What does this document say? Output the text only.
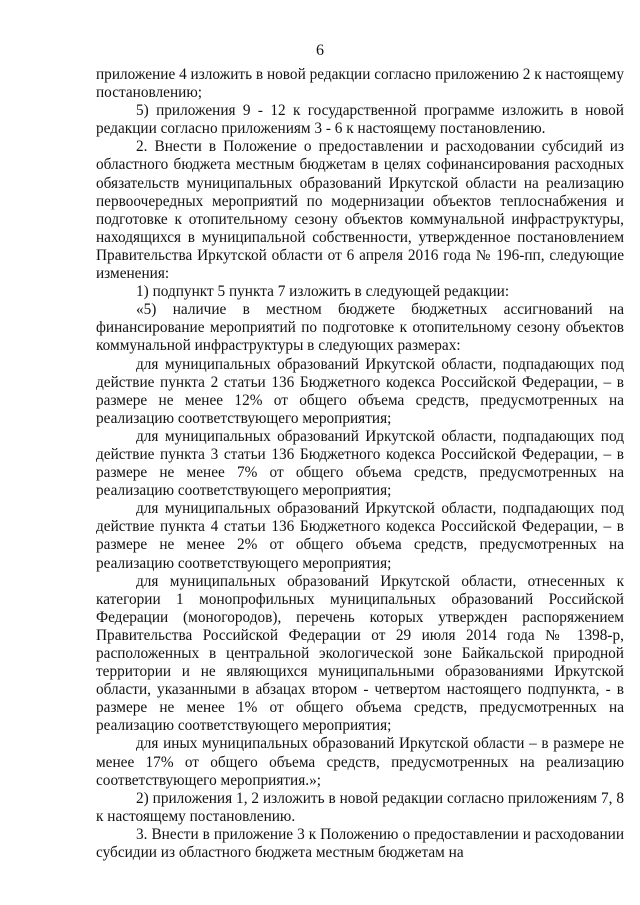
6

приложение 4 изложить в новой редакции согласно приложению 2 к настоящему постановлению;

5) приложения 9 - 12 к государственной программе изложить в новой редакции согласно приложениям 3 - 6 к настоящему постановлению.

2. Внести в Положение о предоставлении и расходовании субсидий из областного бюджета местным бюджетам в целях софинансирования расходных обязательств муниципальных образований Иркутской области на реализацию первоочередных мероприятий по модернизации объектов теплоснабжения и подготовке к отопительному сезону объектов коммунальной инфраструктуры, находящихся в муниципальной собственности, утвержденное постановлением Правительства Иркутской области от 6 апреля 2016 года № 196-пп, следующие изменения:

1) подпункт 5 пункта 7 изложить в следующей редакции:

«5) наличие в местном бюджете бюджетных ассигнований на финансирование мероприятий по подготовке к отопительному сезону объектов коммунальной инфраструктуры в следующих размерах:

для муниципальных образований Иркутской области, подпадающих под действие пункта 2 статьи 136 Бюджетного кодекса Российской Федерации, – в размере не менее 12% от общего объема средств, предусмотренных на реализацию соответствующего мероприятия;

для муниципальных образований Иркутской области, подпадающих под действие пункта 3 статьи 136 Бюджетного кодекса Российской Федерации, – в размере не менее 7% от общего объема средств, предусмотренных на реализацию соответствующего мероприятия;

для муниципальных образований Иркутской области, подпадающих под действие пункта 4 статьи 136 Бюджетного кодекса Российской Федерации, – в размере не менее 2% от общего объема средств, предусмотренных на реализацию соответствующего мероприятия;

для муниципальных образований Иркутской области, отнесенных к категории 1 монопрофильных муниципальных образований Российской Федерации (моногородов), перечень которых утвержден распоряжением Правительства Российской Федерации от 29 июля 2014 года № 1398-р, расположенных в центральной экологической зоне Байкальской природной территории и не являющихся муниципальными образованиями Иркутской области, указанными в абзацах втором - четвертом настоящего подпункта, - в размере не менее 1% от общего объема средств, предусмотренных на реализацию соответствующего мероприятия;

для иных муниципальных образований Иркутской области – в размере не менее 17% от общего объема средств, предусмотренных на реализацию соответствующего мероприятия.»;

2) приложения 1, 2 изложить в новой редакции согласно приложениям 7, 8 к настоящему постановлению.

3. Внести в приложение 3 к Положению о предоставлении и расходовании субсидии из областного бюджета местным бюджетам на
